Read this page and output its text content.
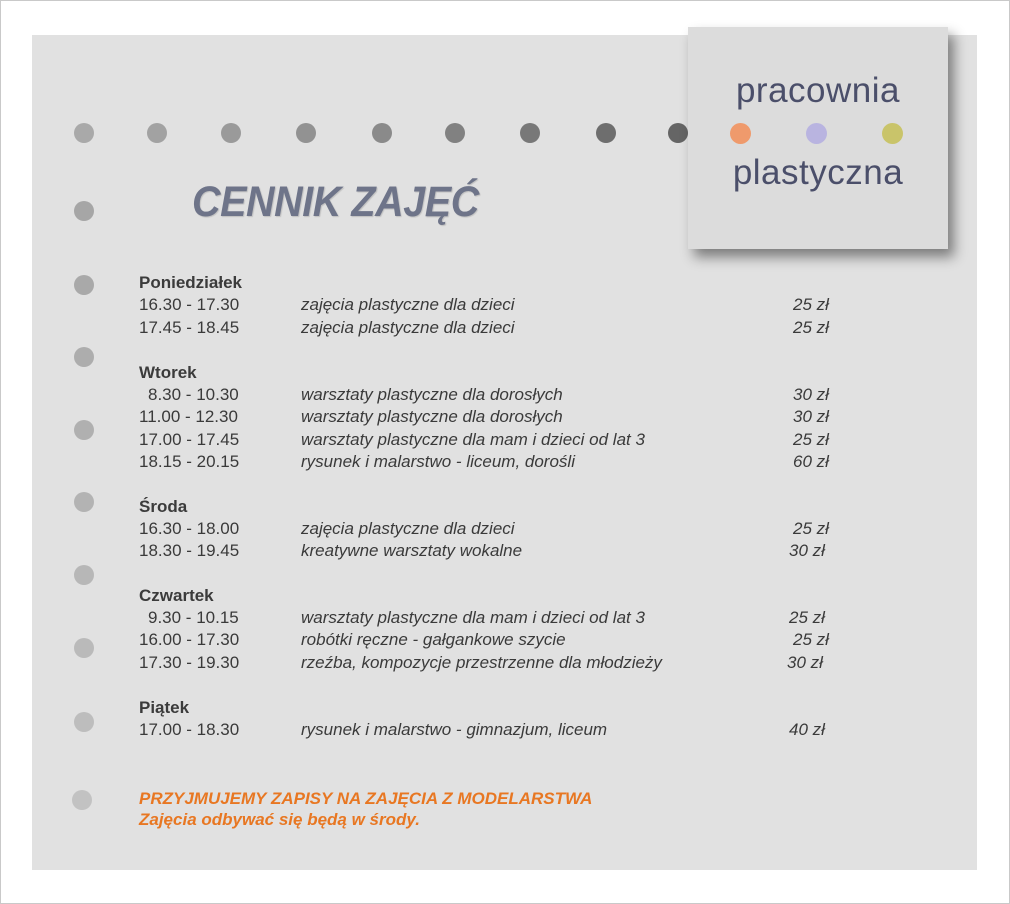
pracownia
plastyczna
CENNIK ZAJĘĆ
Poniedziałek
16.30 - 17.30	zajęcia plastyczne dla dzieci	25 zł
17.45 - 18.45	zajęcia plastyczne dla dzieci	25 zł
Wtorek
8.30 - 10.30	warsztaty plastyczne dla dorosłych	30 zł
11.00 - 12.30	warsztaty plastyczne dla dorosłych	30 zł
17.00 - 17.45	warsztaty plastyczne dla mam i dzieci od lat 3	25 zł
18.15 - 20.15	rysunek i malarstwo - liceum, dorośli	60 zł
Środa
16.30 - 18.00	zajęcia plastyczne dla dzieci	25 zł
18.30 - 19.45	kreatywne warsztaty wokalne	30 zł
Czwartek
9.30 - 10.15	warsztaty plastyczne dla mam i dzieci od lat 3	25 zł
16.00 - 17.30	robótki ręczne - gałgankowe szycie	25 zł
17.30 - 19.30	rzeźba, kompozycje przestrzenne dla młodzieży	30 zł
Piątek
17.00 - 18.30	rysunek i malarstwo - gimnazjum, liceum	40 zł
PRZYJMUJEMY ZAPISY NA ZAJĘCIA Z MODELARSTWA
Zajęcia odbywać się będą w środy.
